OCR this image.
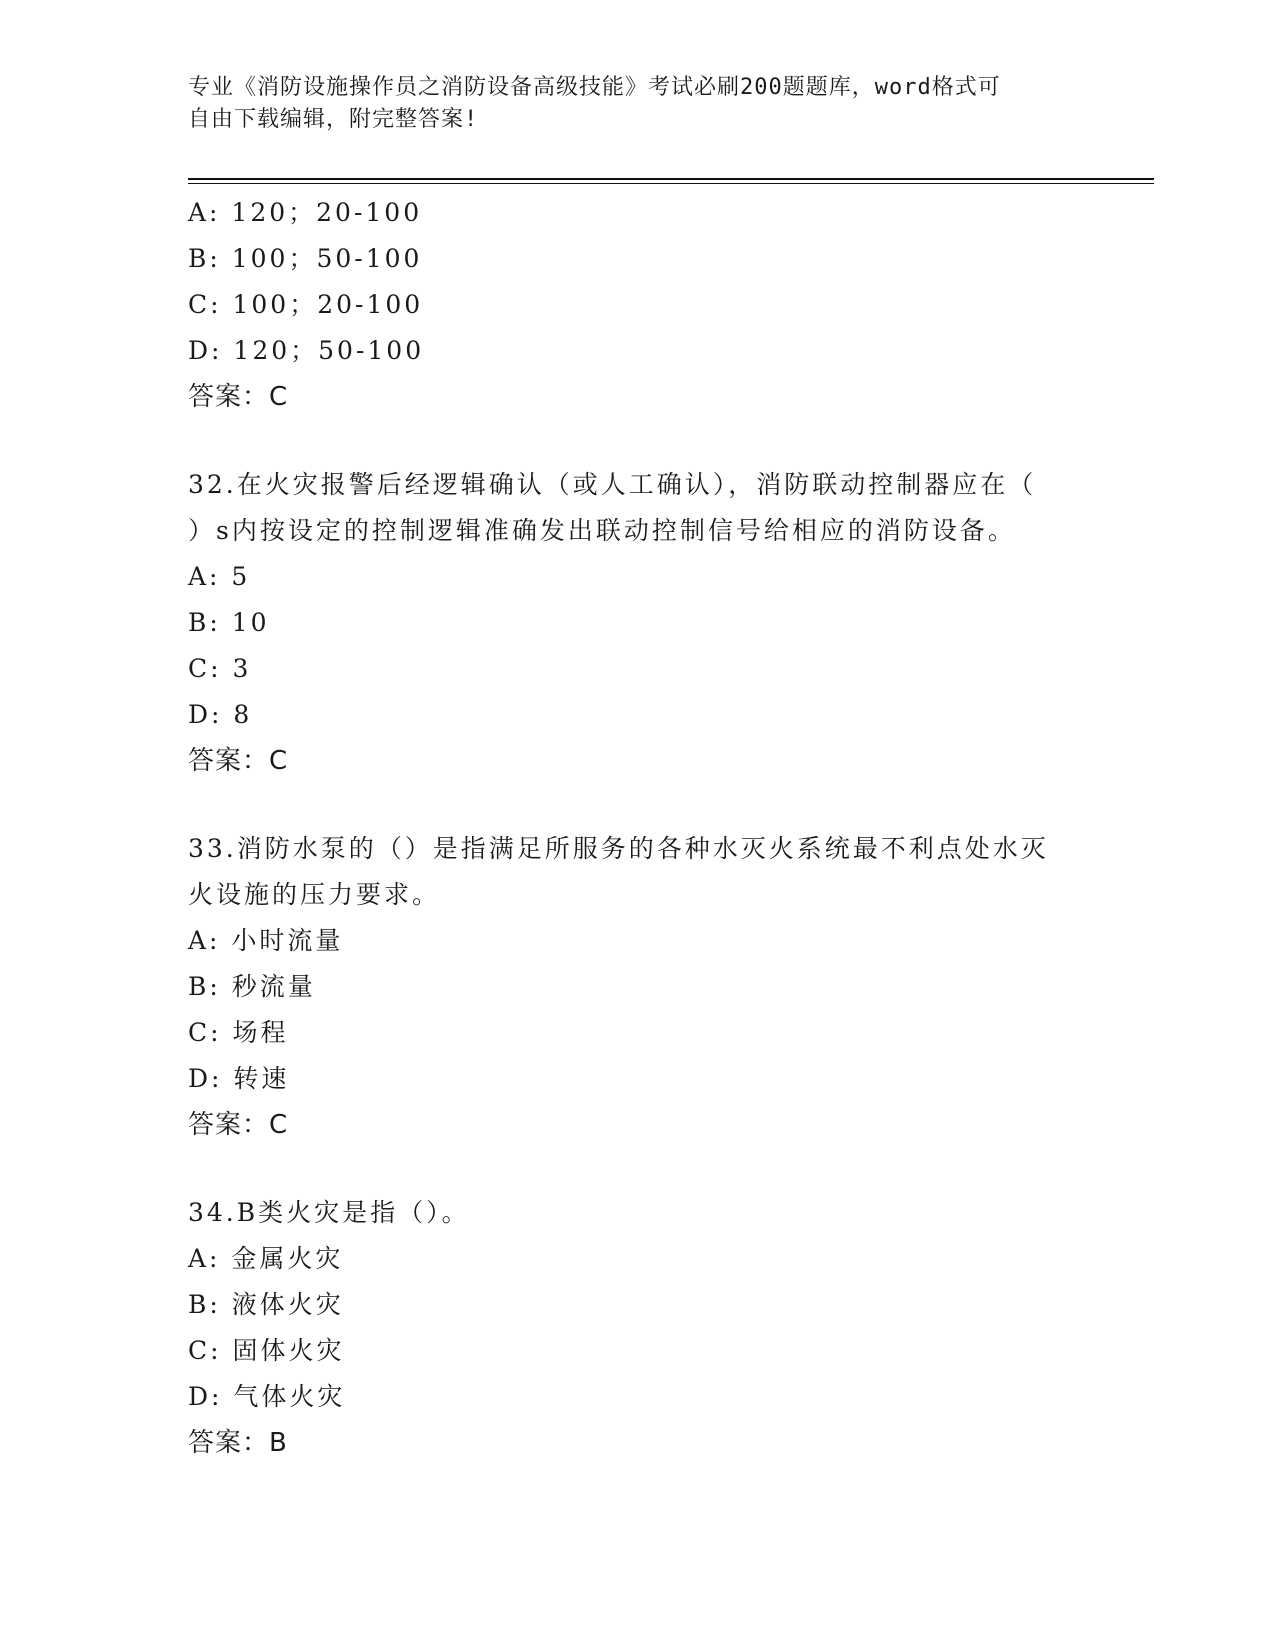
专业《消防设施操作员之消防设备高级技能》考试必刷200题题库，word格式可
自由下载编辑，附完整答案!
A: 120；20-100
B: 100；50-100
C: 100；20-100
D: 120；50-100
答案：C
32.在火灾报警后经逻辑确认（或人工确认），消防联动控制器应在（
）s内按设定的控制逻辑准确发出联动控制信号给相应的消防设备。
A: 5
B: 10
C: 3
D: 8
答案：C
33.消防水泵的（）是指满足所服务的各种水灭火系统最不利点处水灭
火设施的压力要求。
A: 小时流量
B: 秒流量
C: 场程
D: 转速
答案：C
34.B类火灾是指（）。
A: 金属火灾
B: 液体火灾
C: 固体火灾
D: 气体火灾
答案：B
